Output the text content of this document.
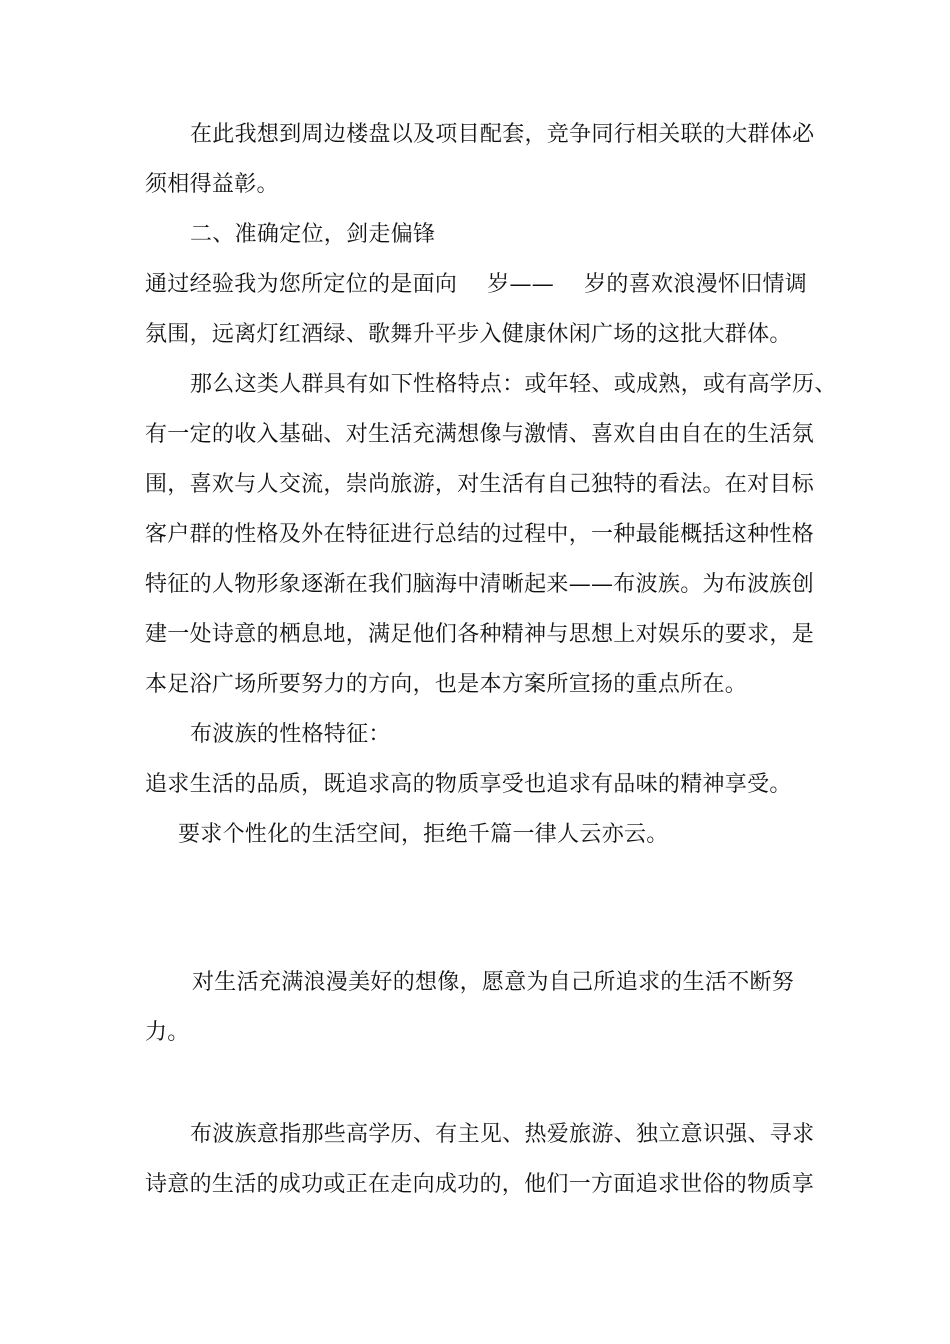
在此我想到周边楼盘以及项目配套，竞争同行相关联的大群体必
须相得益彰。
二、准确定位，剑走偏锋
通过经验我为您所定位的是面向 岁—— 岁的喜欢浪漫怀旧情调
氛围，远离灯红酒绿、歌舞升平步入健康休闲广场的这批大群体。
那么这类人群具有如下性格特点：或年轻、或成熟，或有高学历、
有一定的收入基础、对生活充满想像与激情、喜欢自由自在的生活氛
围，喜欢与人交流，崇尚旅游，对生活有自己独特的看法。在对目标
客户群的性格及外在特征进行总结的过程中，一种最能概括这种性格
特征的人物形象逐渐在我们脑海中清晰起来——布波族。为布波族创
建一处诗意的栖息地，满足他们各种精神与思想上对娱乐的要求，是
本足浴广场所要努力的方向，也是本方案所宣扬的重点所在。
布波族的性格特征：
追求生活的品质，既追求高的物质享受也追求有品味的精神享受。
要求个性化的生活空间，拒绝千篇一律人云亦云。
对生活充满浪漫美好的想像，愿意为自己所追求的生活不断努
力。
布波族意指那些高学历、有主见、热爱旅游、独立意识强、寻求
诗意的生活的成功或正在走向成功的，他们一方面追求世俗的物质享
